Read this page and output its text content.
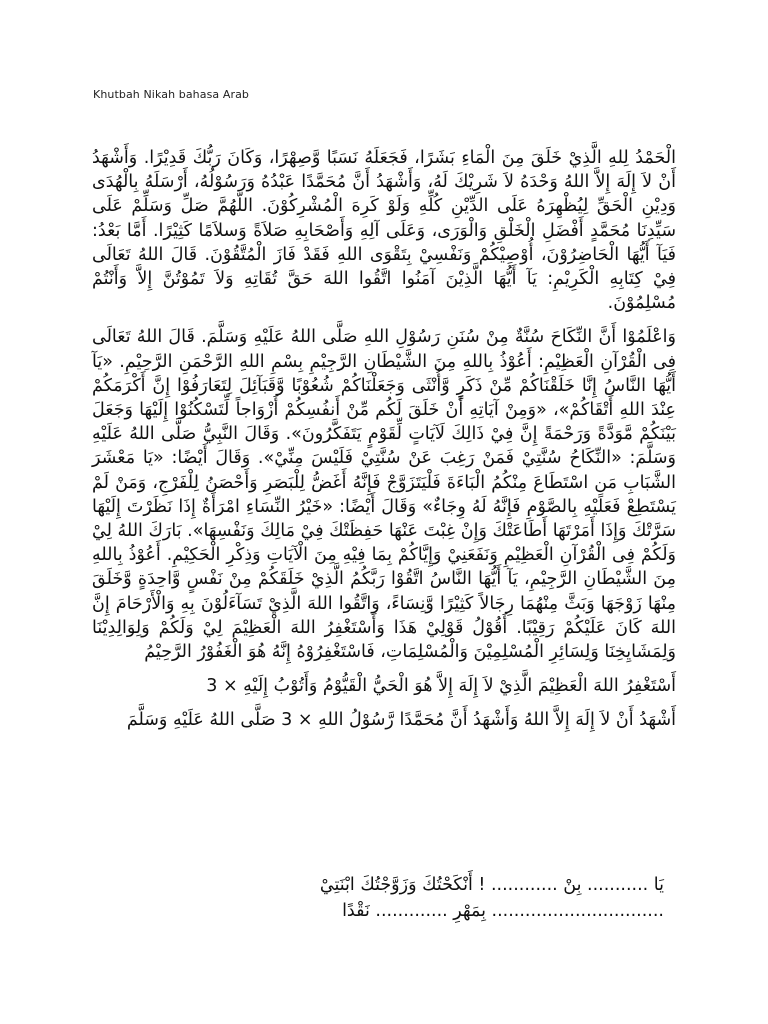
Khutbah Nikah bahasa Arab

الْحَمْدُ لِلهِ الَّذِيْ خَلَقَ مِنَ الْمَاءِ بَشَرًا، فَجَعَلَهُ نَسَبًا وَّصِهْرًا، وَكَانَ رَبُّكَ قَدِيْرًا. وَأَشْهَدُ أَنْ لاَ إِلَهَ إِلاَّ اللهُ وَحْدَهُ لاَ شَرِيْكَ لَهُ، وَأَشْهَدُ أَنَّ مُحَمَّدًا عَبْدُهُ وَرَسُوْلُهُ، أَرْسَلَهُ بِالْهُدَى وَدِيْنِ الْحَقِّ لِيُظْهِرَهُ عَلَى الدِّيْنِ كُلِّهِ وَلَوْ كَرِهَ الْمُشْرِكُوْنَ. اللَّهُمَّ صَلِّ وَسَلِّمْ عَلَى سَيِّدِنَا مُحَمَّدٍ أَفْضَلِ الْخَلْقِ وَالْوَرَى، وَعَلَى آلِهِ وَأَصْحَابِهِ صَلاَةً وَسلاَمًا كَثِيْرًا. أَمَّا بَعْدُ: فَيَآ أَيُّهَا الْحَاضِرُوْنَ، أُوْصِيْكُمْ وَنَفْسِيْ بِتَقْوَى اللهِ فَقَدْ فَازَ الْمُتَّقُوْنَ. قَالَ اللهُ تَعَالَى فِيْ كِتَابِهِ الْكَرِيْمِ: يَآ أَيُّهَا الَّذِيْنَ آمَنُوا اتَّقُوا اللهَ حَقَّ تُقَاتِهِ وَلاَ تَمُوْتُنَّ إِلاَّ وَأَنْتُمْ مُسْلِمُوْنَ.

وَاعْلَمُوْا أَنَّ النِّكَاحَ سُنَّةٌ مِنْ سُنَنِ رَسُوْلِ اللهِ صَلَّى اللهُ عَلَيْهِ وَسَلَّمَ. قَالَ اللهُ تَعَالَى فِى الْقُرْآنِ الْعَظِيْمِ: أَعُوْذُ بِاللهِ مِنَ الشَّيْطَانِ الرَّجِيْمِ بِسْمِ اللهِ الرَّحْمَنِ الرَّحِيْمِ. «يَآ أَيُّهَا النَّاسُ إِنَّا خَلَقْنَاكُمْ مِّنْ ذَكَرٍ وَّأُنْثَى وَجَعَلْنَاكُمْ شُعُوْبًا وَّقَبَآئِلَ لِتَعَارَفُوْا إِنَّ أَكْرَمَكُمْ عِنْدَ اللهِ أَتْقَاكُمْ»، «وَمِنْ آيَاتِهِ أَنْ خَلَقَ لَكُم مِّنْ أَنفُسِكُمْ أَزْوَاجاً لِّتَسْكُنُوْا إِلَيْهَا وَجَعَلَ بَيْنَكُمْ مَّوَدَّةً وَرَحْمَةً إِنَّ فِيْ ذَالِكَ لَآيَاتٍ لِّقَوْمٍ يَتَفَكَّرُونَ». وَقَالَ النَّبِيُّ صَلَّى اللهُ عَلَيْهِ وَسَلَّمَ: «النِّكَاحُ سُنَّتِيْ فَمَنْ رَغِبَ عَنْ سُنَّتِيْ فَلَيْسَ مِنِّيْ». وَقَالَ أَيْضًا: «يَا مَعْشَرَ الشَّبَابِ مَنِ اسْتَطَاعَ مِنْكُمُ الْبَاءَةَ فَلْيَتَزَوَّجْ فَإِنَّهُ أَغَضُّ لِلْبَصَرِ وَأَحْصَنُ لِلْفَرْجِ، وَمَنْ لَمْ يَسْتَطِعْ فَعَلَيْهِ بِالصَّوْمِ فَإِنَّهُ لَهُ وِجَاءٌ» وَقَالَ أَيْضًا: «خَيْرُ النِّسَاءِ امْرَأَةٌ إِذَا نَظَرْتَ إِلَيْهَا سَرَّتْكَ وَإِذَا أَمَرْتَهَا أَطَاعَتْكَ وَإِنْ غِبْتَ عَنْهَا حَفِظَتْكَ فِيْ مَالِكَ وَنَفْسِهَا». بَارَكَ اللهُ لِيْ وَلَكُمْ فِى الْقُرْآنِ الْعَظِيْمِ وَنَفَعَنِيْ وَإِيَّاكُمْ بِمَا فِيْهِ مِنَ الْآيَاتِ وَذِكْرِ الْحَكِيْمِ. أَعُوْذُ بِاللهِ مِنَ الشَّيْطَانِ الرَّجِيْمِ، يَآ أَيُّهَا النَّاسُ اتَّقُوْا رَبَّكُمُ الَّذِيْ خَلَقَكُمْ مِنْ نَفْسٍ وَّاحِدَةٍ وَّخَلَقَ مِنْهَا زَوْجَهَا وَبَثَّ مِنْهُمَا رِجَالاً كَثِيْرًا وَّنِسَاءً، وَاتَّقُوا اللهَ الَّذِيْ تَسَآءَلُوْنَ بِهِ وَالْأَرْحَامَ إِنَّ اللهَ كَانَ عَلَيْكُمْ رَقِيْبًا. أَقُوْلُ قَوْلِيْ هَذَا وَأَسْتَغْفِرُ اللهَ الْعَظِيْمَ لِيْ وَلَكُمْ وَلِوَالِدِيْنَا وَلِمَشَايِخِنَا وَلِسَائِرِ الْمُسْلِمِيْنَ وَالْمُسْلِمَاتِ، فَاسْتَغْفِرُوْهُ إِنَّهُ هُوَ الْغَفُوْرُ الرَّحِيْمُ

أَسْتَغْفِرُ اللهَ الْعَظِيْمَ الَّذِيْ لاَ إِلَهَ إِلاَّ هُوَ الْحَيُّ الْقَيُّوْمُ وَأَتُوْبُ إِلَيْهِ × 3

أَشْهَدُ أَنْ لاَ إِلَهَ إِلاَّ اللهُ وَأَشْهَدُ أَنَّ مُحَمَّدًا رَّسُوْلُ اللهِ × 3 صَلَّى اللهُ عَلَيْهِ وَسَلَّمَ

يَا ........... بِنْ ............ ! أَنْكَحْتُكَ وَزَوَّجْتُكَ ابْنَتِيْ
............................... بِمَهْرِ ............. نَقْدًا
